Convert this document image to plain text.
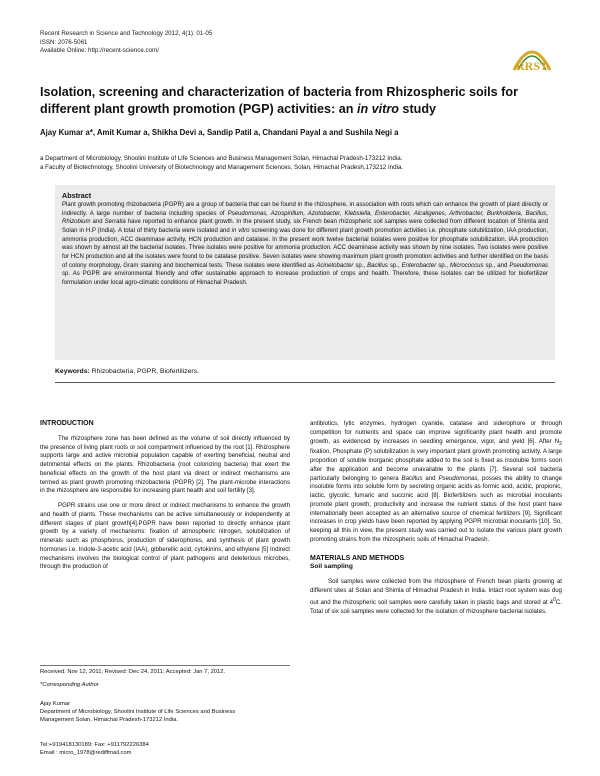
Recent Research in Science and Technology 2012, 4(1): 01-05
ISSN: 2076-5061
Available Online: http://recent-science.com/
RRST
Isolation, screening and characterization of bacteria from Rhizospheric soils for different plant growth promotion (PGP) activities: an in vitro study
Ajay Kumar a*, Amit Kumar a, Shikha Devi a, Sandip Patil a, Chandani Payal a and Sushila Negi a
a Department of Microbiology, Shoolini Institute of Life Sciences and Business Management Solan, Himachal Pradesh-173212 India.
a Faculty of Biotechnology, Shoolini University of Biotechnology and Management Sciences, Solan, Himachal Pradesh,173212 India.
Abstract
Plant growth promoting rhizobacteria (PGPR) are a group of bacteria that can be found in the rhizosphere, in association with roots which can enhance the growth of plant directly or indirectly. A large number of bacteria including species of Pseudomonas, Azospirillum, Azotobacter, Klebsiella, Enterobacter, Alcaligenes, Arthrobacter, Burkholderia, Bacillus, Rhizobium and Serratia have reported to enhance plant growth. In the present study, six French bean rhizospheric soil samples were collected from different location of Shimla and Solan in H.P (India). A total of thirty bacteria were isolated and in vitro screening was done for different plant growth promotion activities i.e. phosphate solubilization, IAA production, ammonia production, ACC deaminase activity, HCN production and catalase. In the present work twelve bacterial isolates were positive for phosphate solubilization. IAA production was shown by almost all the bacterial isolates. Three isolates were positive for ammonia production. ACC deaminase activity was shown by nine isolates. Two isolates were positive for HCN production and all the isolates were found to be catalase positive. Seven isolates were showing maximum plant growth promotion activities and further identified on the basis of colony morphology, Gram staining and biochemical tests. These isolates were identified as Acinetobacter sp., Bacillus sp., Enterobacter sp., Micrococcus sp., and Pseudomonas sp. As PGPR are environmental friendly and offer sustainable approach to increase production of crops and health. Therefore, these isolates can be utilized for biofertilizer formulation under local agro-climatic conditions of Himachal Pradesh.
Keywords: Rhizobacteria, PGPR, Biofertilizers.
INTRODUCTION

The rhizosphere zone has been defined as the volume of soil directly influenced by the presence of living plant roots or soil compartment influenced by the root [1]. Rhizosphere supports large and active microbial population capable of exerting beneficial, neutral and detrimental effects on the plants. Rhizobacteria (root colonizing bacteria) that exert the beneficial effects on the growth of the host plant via direct or indirect mechanisms are termed as plant growth promoting rhizobacteria (PGPR) [2]. The plant-microbe interactions in the rhizosphere are responsible for increasing plant health and soil fertility [3].

PGPR strains use one or more direct or indirect mechanisms to enhance the growth and health of plants. These mechanisms can be active simultaneously or independently at different stages of plant growth[4].PGPR have been reported to directly enhance plant growth by a variety of mechanisms: fixation of atmospheric nitrogen, solubilization of minerals such as phosphorus, production of siderophores, and synthesis of plant growth hormones i.e. Indole-3-acetic acid (IAA), gibberellic acid, cytokinins, and ethylene [5] Indirect mechanisms involves the biological control of plant pathogens and deleterious microbes, through the production of

antibiotics, lytic enzymes, hydrogen cyanide, catalase and siderophore or through competition for nutrients and space can improve significantly plant health and promote growth, as evidenced by increases in seedling emergence, vigor, and yield [6]. After $N_2$ fixation, Phosphate (P) solubilization is very important plant growth promoting activity. A large proportion of soluble inorganic phosphate added to the soil is fixed as insoluble forms soon after the application and become unavailable to the plants [7]. Several soil bacteria particularly belonging to genera Bacillus and Pseudomonas, posses the ability to change insoluble forms into soluble form by secreting organic acids as formic acid, acidic, propionic, lactic, glycolic, fumaric and succinic acid [8]. Biofertilizers such as microbial inoculants promote plant growth, productivity and increase the nutrient status of the host plant have internationally been accepted as an alternative source of chemical fertilizers [9]. Significant increases in crop yields have been reported by applying PGPR microbial inoculants [10]. So, keeping all this in view, the present study was carried out to isolate the various plant growth promoting strains from the rhizospheric soils of Himachal Pradesh.

MATERIALS AND METHODS
Soil sampling

Soil samples were collected from the rhizosphere of French bean plants growing at different sites at Solan and Shimla of Himachal Pradesh in India. Intact root system was dug out and the rhizospheric soil samples were carefully taken in plastic bags and stored at $4^0C$. Total of six soil samples were collected for the isolation of rhizosphere bacterial isolates.

Received: Nov 12, 2011; Revised: Dec 24, 2011; Accepted: Jan 7, 2012.
*Corresponding Author
Ajay Kumar
Department of Microbiology, Shoolini Institute of Life Sciences and Business
Management Solan, Himachal Pradesh-173212 India.
Tel:+919418130189; Fax: +911792226384
Email : micro_1978@rediffmail.com
